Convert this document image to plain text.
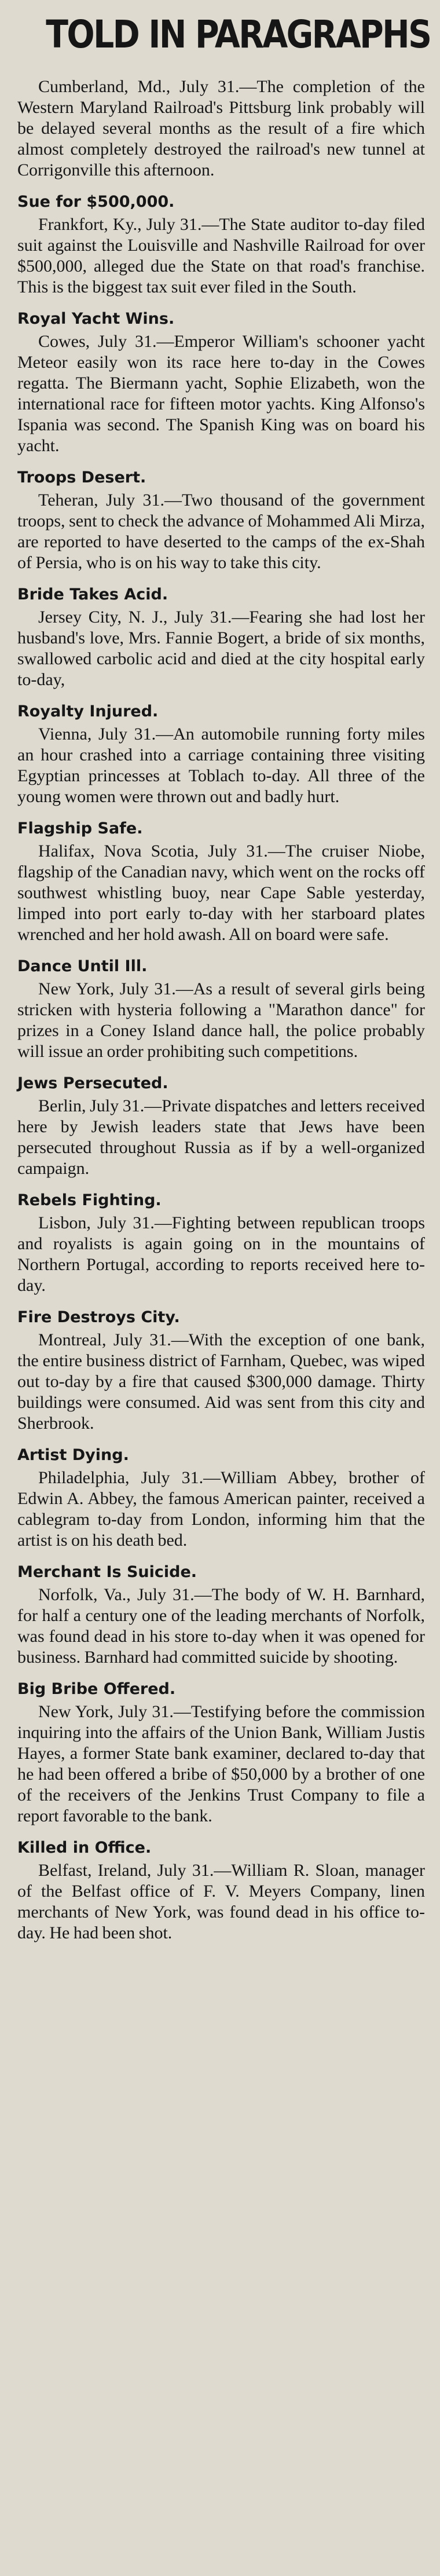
TOLD IN PARAGRAPHS

Cumberland, Md., July 31.—The completion of the Western Maryland Railroad's Pittsburg link probably will be delayed several months as the result of a fire which almost completely destroyed the railroad's new tunnel at Corrigonville this afternoon.

Sue for $500,000.

Frankfort, Ky., July 31.—The State auditor to-day filed suit against the Louisville and Nashville Railroad for over $500,000, alleged due the State on that road's franchise. This is the biggest tax suit ever filed in the South.

Royal Yacht Wins.

Cowes, July 31.—Emperor William's schooner yacht Meteor easily won its race here to-day in the Cowes regatta. The Biermann yacht, Sophie Elizabeth, won the international race for fifteen motor yachts. King Alfonso's Ispania was second. The Spanish King was on board his yacht.

Troops Desert.

Teheran, July 31.—Two thousand of the government troops, sent to check the advance of Mohammed Ali Mirza, are reported to have deserted to the camps of the ex-Shah of Persia, who is on his way to take this city.

Bride Takes Acid.

Jersey City, N. J., July 31.—Fearing she had lost her husband's love, Mrs. Fannie Bogert, a bride of six months, swallowed carbolic acid and died at the city hospital early to-day,

Royalty Injured.

Vienna, July 31.—An automobile running forty miles an hour crashed into a carriage containing three visiting Egyptian princesses at Toblach to-day. All three of the young women were thrown out and badly hurt.

Flagship Safe.

Halifax, Nova Scotia, July 31.—The cruiser Niobe, flagship of the Canadian navy, which went on the rocks off southwest whistling buoy, near Cape Sable yesterday, limped into port early to-day with her starboard plates wrenched and her hold awash. All on board were safe.

Dance Until Ill.

New York, July 31.—As a result of several girls being stricken with hysteria following a "Marathon dance" for prizes in a Coney Island dance hall, the police probably will issue an order prohibiting such competitions.

Jews Persecuted.

Berlin, July 31.—Private dispatches and letters received here by Jewish leaders state that Jews have been persecuted throughout Russia as if by a well-organized campaign.

Rebels Fighting.

Lisbon, July 31.—Fighting between republican troops and royalists is again going on in the mountains of Northern Portugal, according to reports received here to-day.

Fire Destroys City.

Montreal, July 31.—With the exception of one bank, the entire business district of Farnham, Quebec, was wiped out to-day by a fire that caused $300,000 damage. Thirty buildings were consumed. Aid was sent from this city and Sherbrook.

Artist Dying.

Philadelphia, July 31.—William Abbey, brother of Edwin A. Abbey, the famous American painter, received a cablegram to-day from London, informing him that the artist is on his death bed.

Merchant Is Suicide.

Norfolk, Va., July 31.—The body of W. H. Barnhard, for half a century one of the leading merchants of Norfolk, was found dead in his store to-day when it was opened for business. Barnhard had committed suicide by shooting.

Big Bribe Offered.

New York, July 31.—Testifying before the commission inquiring into the affairs of the Union Bank, William Justis Hayes, a former State bank examiner, declared to-day that he had been offered a bribe of $50,000 by a brother of one of the receivers of the Jenkins Trust Company to file a report favorable to the bank.

Killed in Office.

Belfast, Ireland, July 31.—William R. Sloan, manager of the Belfast office of F. V. Meyers Company, linen merchants of New York, was found dead in his office to-day. He had been shot.
